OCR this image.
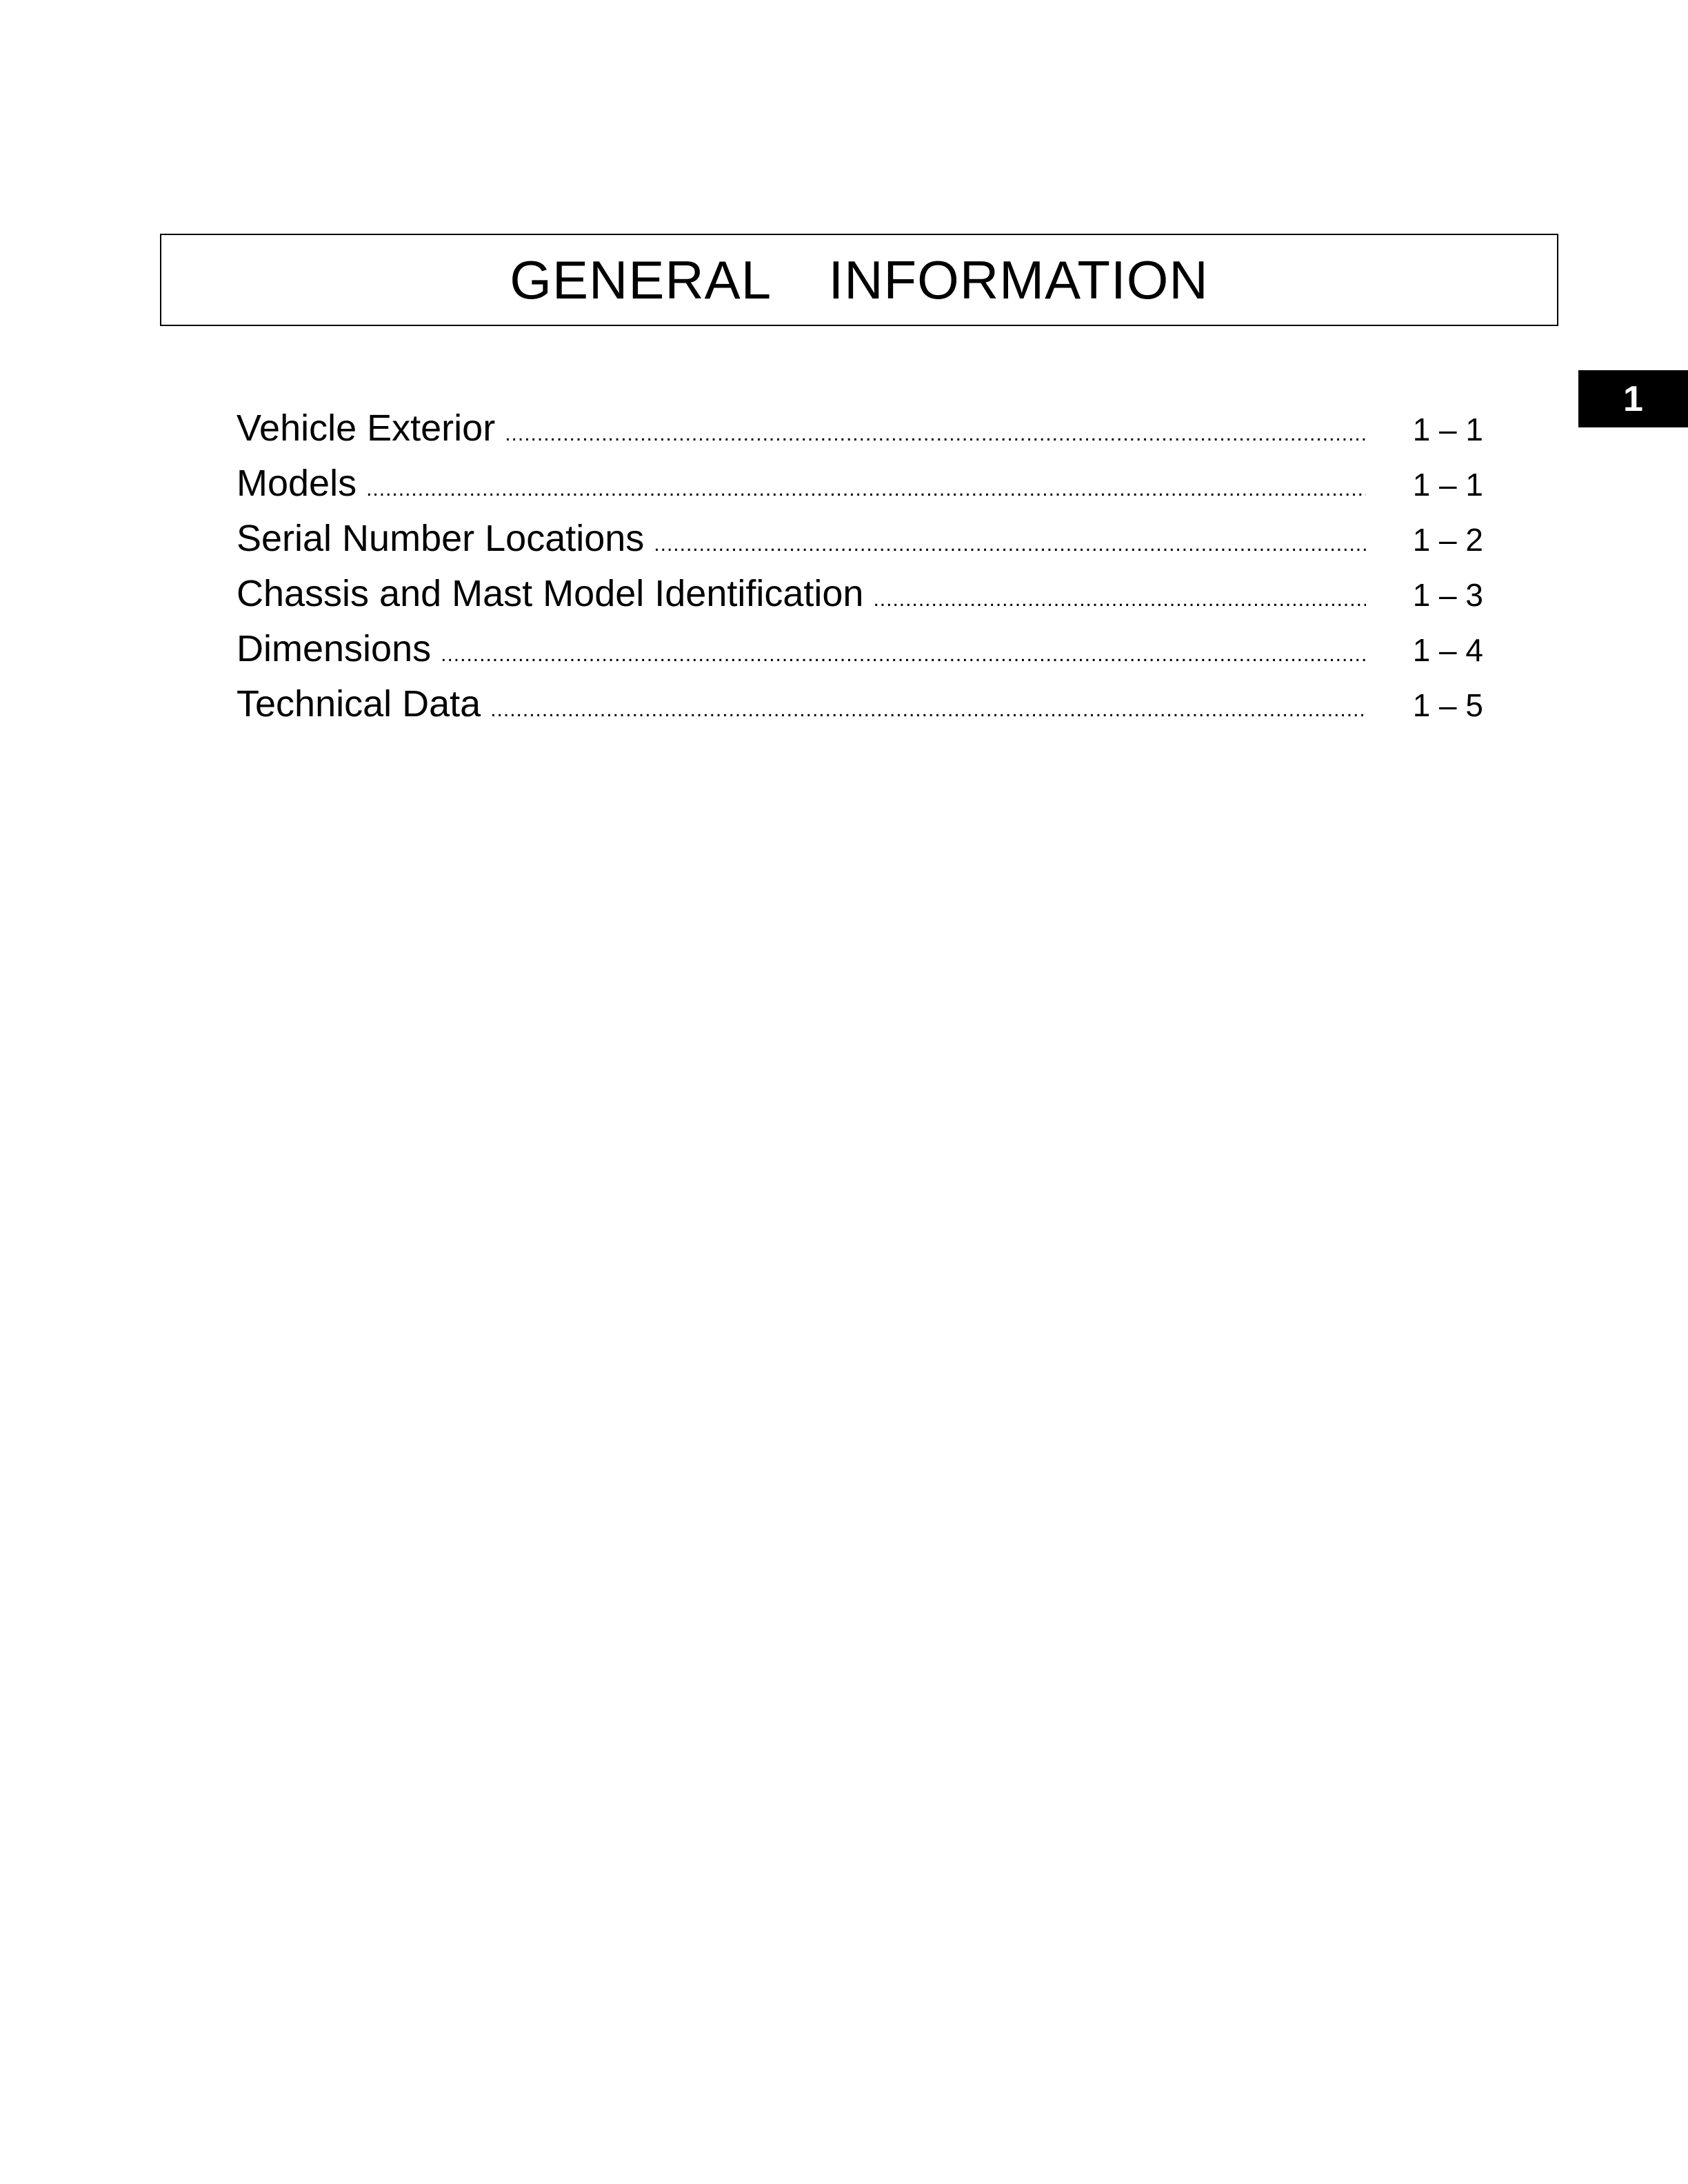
GENERAL  INFORMATION
1
Vehicle Exterior .....	1 – 1
Models .....	1 – 1
Serial Number Locations .....	1 – 2
Chassis and Mast Model Identification .....	1 – 3
Dimensions .....	1 – 4
Technical Data .....	1 – 5
